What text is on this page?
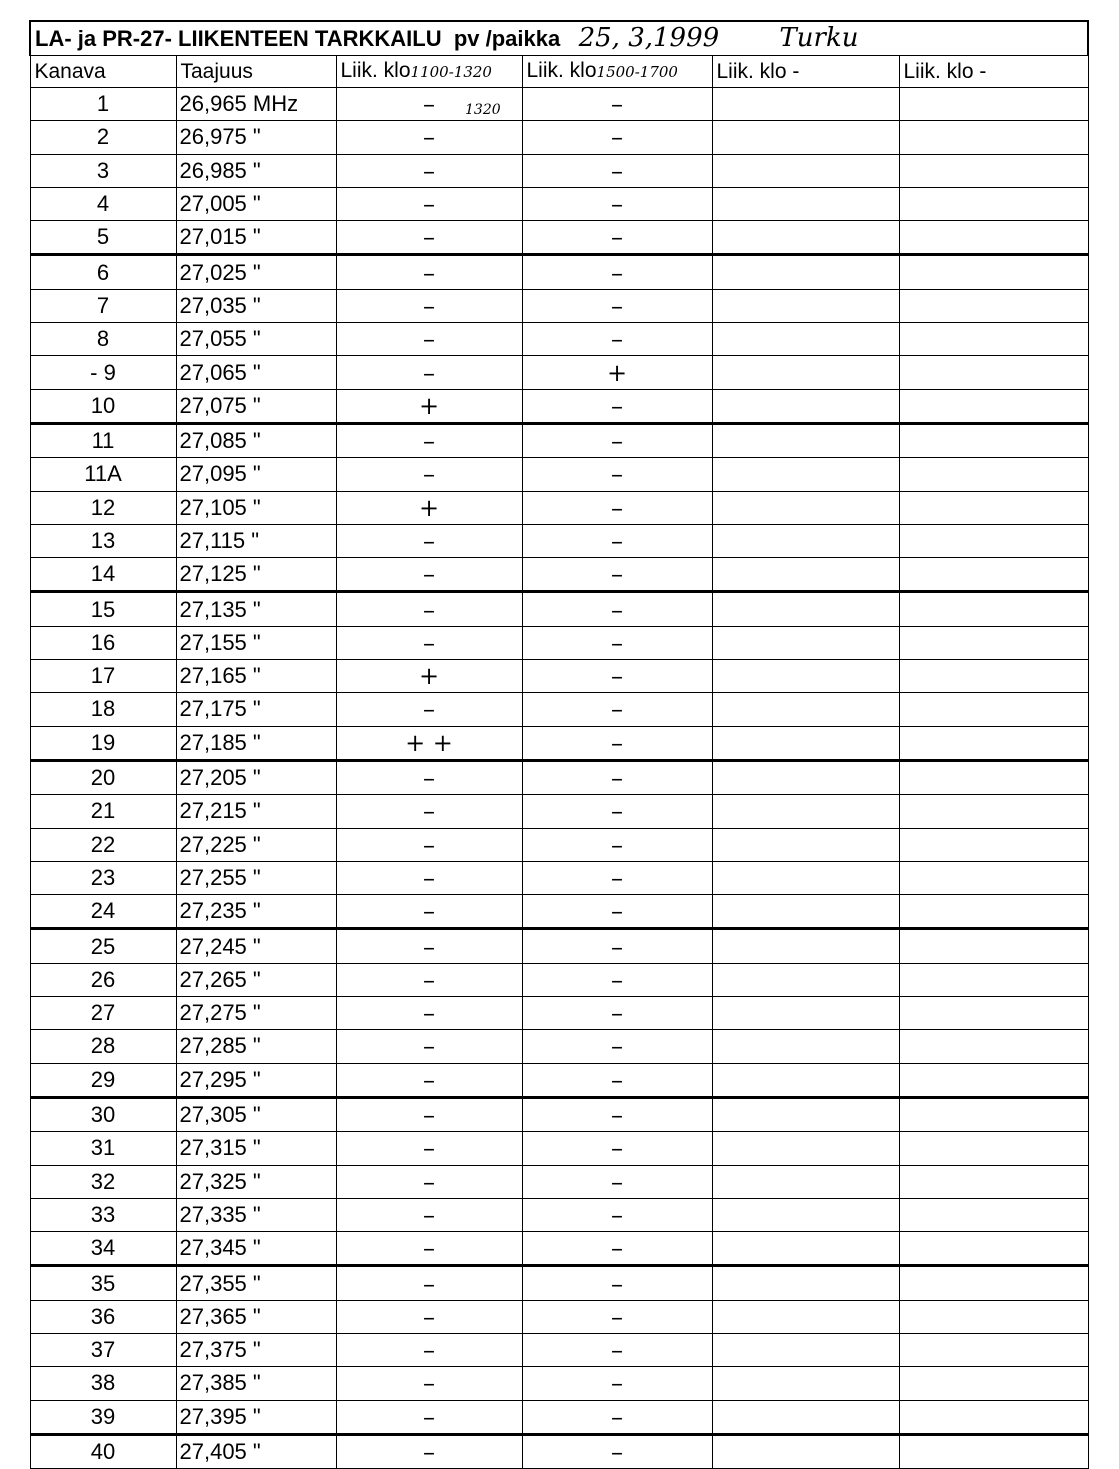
LA- ja PR-27- LIIKENTEEN TARKKAILU pv /paikka 25, 3,1999 Turku					
Kanava	Taajuus	Liik. klo1100-1320	Liik. klo1500-1700	Liik. klo -	Liik. klo -
1	26,965 MHz	–	–		
2	26,975 "	–	–		
3	26,985 "	–	–		
4	27,005 "	–	–		
5	27,015 "	–	–		
6	27,025 "	–	–		
7	27,035 "	–	–		
8	27,055 "	–	–		
- 9	27,065 "	–	+		
10	27,075 "	+	–		
11	27,085 "	–	–		
11A	27,095 "	–	–		
12	27,105 "	+	–		
13	27,115 "	–	–		
14	27,125 "	–	–		
15	27,135 "	–	–		
16	27,155 "	–	–		
17	27,165 "	+	–		
18	27,175 "	–	–		
19	27,185 "	+ +	–		
20	27,205 "	–	–		
21	27,215 "	–	–		
22	27,225 "	–	–		
23	27,255 "	–	–		
24	27,235 "	–	–		
25	27,245 "	–	–		
26	27,265 "	–	–		
27	27,275 "	–	–		
28	27,285 "	–	–		
29	27,295 "	–	–		
30	27,305 "	–	–		
31	27,315 "	–	–		
32	27,325 "	–	–		
33	27,335 "	–	–		
34	27,345 "	–	–		
35	27,355 "	–	–		
36	27,365 "	–	–		
37	27,375 "	–	–		
38	27,385 "	–	–		
39	27,395 "	–	–		
40	27,405 "	–	–		
1320
